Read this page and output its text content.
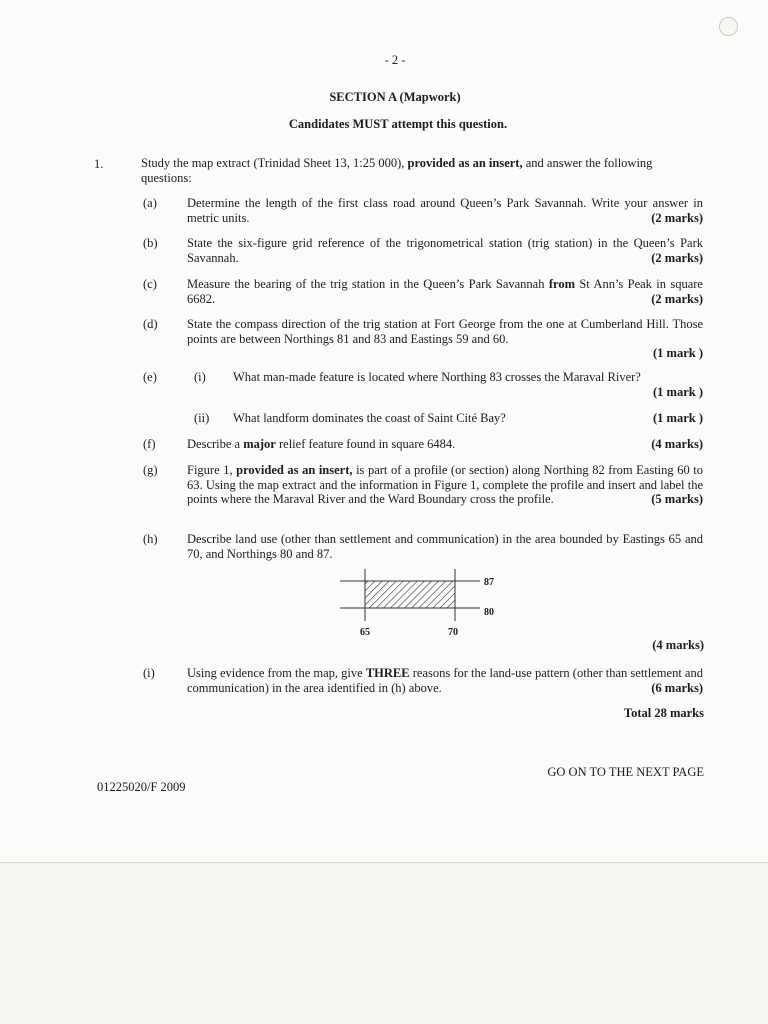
- 2 -
SECTION A (Mapwork)
Candidates MUST attempt this question.
1.	Study the map extract (Trinidad Sheet 13, 1:25 000), provided as an insert, and answer the following questions:
(a) Determine the length of the first class road around Queen’s Park Savannah. Write your answer in metric units.	(2 marks)
(b) State the six-figure grid reference of the trigonometrical station (trig station) in the Queen’s Park Savannah.	(2 marks)
(c) Measure the bearing of the trig station in the Queen’s Park Savannah from St Ann’s Peak in square 6682.	(2 marks)
(d) State the compass direction of the trig station at Fort George from the one at Cumberland Hill. Those points are between Northings 81 and 83 and Eastings 59 and 60.
(1 mark )
(e)	(i) What man-made feature is located where Northing 83 crosses the Maraval River?
(1 mark )
(ii) What landform dominates the coast of Saint Cité Bay?	(1 mark )
(f)	Describe a major relief feature found in square 6484.	(4 marks)
(g) Figure 1, provided as an insert, is part of a profile (or section) along Northing 82 from Easting 60 to 63. Using the map extract and the information in Figure 1, complete the profile and insert and label the points where the Maraval River and the Ward Boundary cross the profile.	(5 marks)
(h) Describe land use (other than settlement and communication) in the area bounded by Eastings 65 and 70, and Northings 80 and 87.
87
80
65	70
(4 marks)
(i)	Using evidence from the map, give THREE reasons for the land-use pattern (other than settlement and communication) in the area identified in (h) above.	(6 marks)
Total 28 marks
GO ON TO THE NEXT PAGE
01225020/F 2009
